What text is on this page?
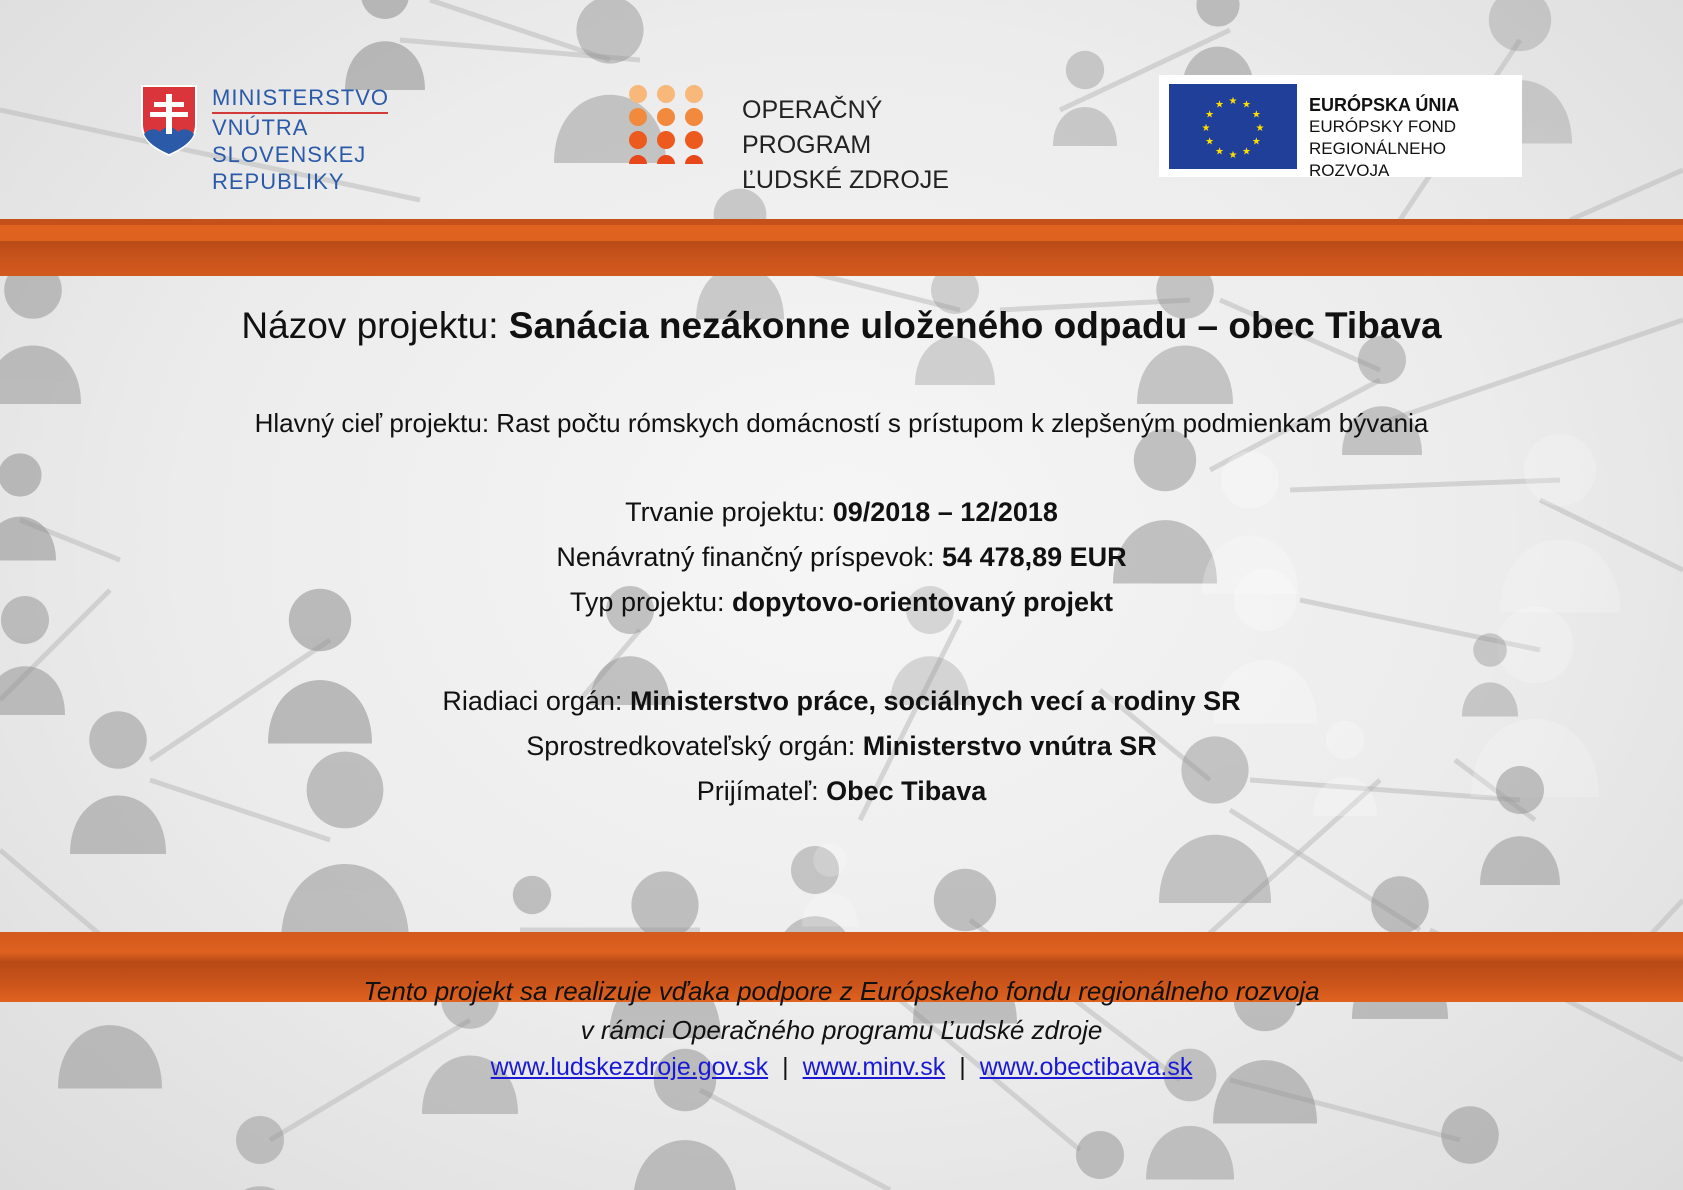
MINISTERSTVO
VNÚTRA
SLOVENSKEJ REPUBLIKY
OPERAČNÝ PROGRAM
ĽUDSKÉ ZDROJE
★ ★
★
★
★
★
★
★
★
★
★
★	EURÓPSKA ÚNIA
EURÓPSKY FOND
REGIONÁLNEHO ROZVOJA
Názov projektu: Sanácia nezákonne uloženého odpadu – obec Tibava
Hlavný cieľ projektu: Rast počtu rómskych domácností s prístupom k zlepšeným podmienkam bývania
Trvanie projektu: 09/2018 – 12/2018
Nenávratný finančný príspevok: 54 478,89 EUR
Typ projektu: dopytovo-orientovaný projekt
Riadiaci orgán: Ministerstvo práce, sociálnych vecí a rodiny SR
Sprostredkovateľský orgán: Ministerstvo vnútra SR
Prijímateľ: Obec Tibava
Tento projekt sa realizuje vďaka podpore z Európskeho fondu regionálneho rozvoja
v rámci Operačného programu Ľudské zdroje
www.ludskezdroje.gov.sk | www.minv.sk | www.obectibava.sk
